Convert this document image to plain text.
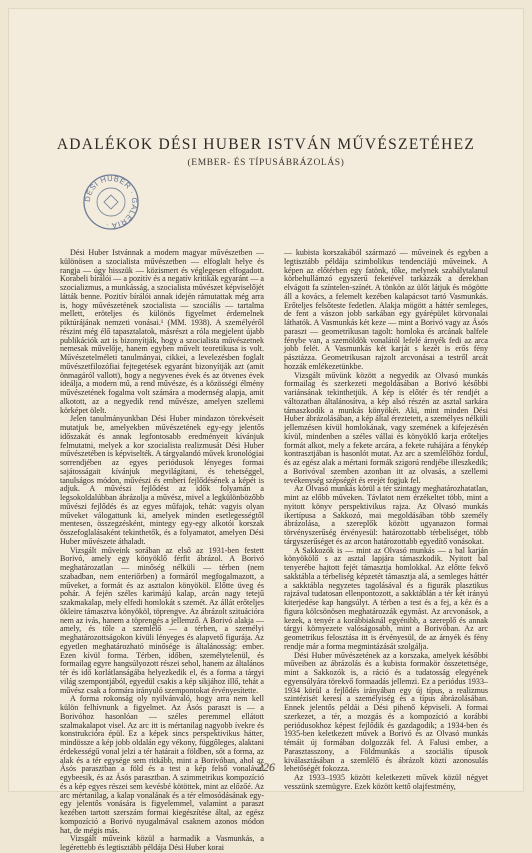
ADALÉKOK DÉSI HUBER ISTVÁN MŰVÉSZETÉHEZ
(EMBER- ÉS TÍPUSÁBRÁZOLÁS)
DÉSI HUBER · GALÉRIA ·

Dési Huber Istvánnak a modern magyar művészetben — különösen a szocialista művészetben — elfoglalt helye és rangja — úgy hisszük — közismert és véglegesen elfogadott. Korabeli bírálói — a pozitív és a negatív kritikák egyaránt — a szocializmus, a munkásság, a szocialista művészet képviselőjét látták benne. Pozitív bírálói annak idején rámutattak még arra is, hogy művészetének szocialista — szociális — tartalma mellett, eröteljes és különös figyelmet érdemelnek piktúrájának nemzeti vonásai.¹ (MM. 1938). A személyéről részint még élő tapasztalatok, másrészt a róla megjelent újabb publikációk azt is bizonyítják, hogy a szocialista művészetnek nemesak művelője, hanem egyben művelt teoretikusa is volt. Művészetelméleti tanulmányai, cikkei, a levelezésben foglalt művészetfilozófiai fejtegetések egyaránt bizonyítják azt (amit önmagáról vallott), hogy a negyvenes évek és az ötvenes évek ideálja, a modern mű, a rend művésze, és a közösségi élmény művészetének fogalma volt számára a modernség alapja, amit alkotott, az a negyedik rend művésze, amelyen szellemi körképet ölelt.

Jelen tanulmányunkban Dési Huber mindazon törekvéseit mutatjuk be, amelyekben művészetének egy-egy jelentős időszakát és annak legfontosabb eredményeit kívánjuk felmutatni, melyek a kor szocialista realizmusát Dési Huber művészetében is képviselték. A tárgyalandó művek kronológiai sorrendjében az egyes periódusok lényeges formai sajátosságait kívánjuk megvilágítani, és tehetséggel, tanulságos módon, művészi és emberi fejlődésének a képét is adjuk. A művészi fejlődést az idők folyamán a legsokoldalúbban ábrázolja a művész, mivel a legkülönbözőbb művészi fejlődés és az egyes műfajok, tehát: vagyis olyan műveket válogattunk ki, amelyek minden esetlegességtől mentesen, összegzésként, mintegy egy-egy alkotói korszak összefoglalásaként tekinthetők, és a folyamatot, amelyen Dési Huber művészete áthaladt.

Vizsgált műveink sorában az első az 1931-ben festett Borivó, amely egy könyöklő férfit ábrázol. A Borivó meghatározatlan — minőség nélküli — térben (nem szabadban, nem enteriőrben) a formáról megfogalmazott, a műveket, a formát és az asztalon könyököl. Előtte üveg és pohár. A fején széles karimájú kalap, arcán nagy tetejű szakmakalap, mely elfedi homlokát s szemét. Az állát erőteljes ökleire támasztva könyököl, töprengve. Az ábrázolt szituációra nem az ivás, hanem a töprengés a jellemző. A Borivó alakja — amely, és tőle a szemlélő — a térben, a személyi meghatározottságokon kívüli lényeges és alapvető figurája. Az egyetlen meghatározható minősége is általánosság: ember. Ezen kívül forma. Térben, időben, személytelenül, és formailag egyre hangsúlyozott részei sehol, hanem az általános tér és idő korlátlanságába helyezkedik el, és a forma a tárgyi világ szempontjából, egyedül csakis a kép síkjához illő, tehát a művész csak a formára irányuló szempontokat érvényesítette.

A forma rokonság oly nyilvánvaló, hogy arra nem kell külön felhívnunk a figyelmet. Az Ásós paraszt is — a Borivóhoz hasonlóan — széles peremmel ellátott szalmakalapot visel. Az arc itt is mértanilag nagyobb ívekre és konstrukcióra épül. Ez a képek sincs perspektivikus hátter, mindössze a kép jobb oldalán egy vékony, függőleges, alaktani érdekességű vonal jelzi a tér határait a földben, sőt a forma, az alak és a tér egysége sem ritkább, mint a Borivóban, ahol az Ásós parasztban a föld és a test a kép felső vonalával egybeesik, és az Ásós parasztban. A szimmetrikus kompozíció és a kép egyes részei sem kevésbé kötöttek, mint az előzőé. Az arc mértanilag, a kalap vonalának és a tér elmosódásának egy-egy jelentős vonására is figyelemmel, valamint a paraszt kezében tartott szerszám formai kiegészítése által, az egész kompozíció a Borivó nyugalmával csaknem azonos módon hat, de mégis más.

Vizsgált műveink közül a harmadik a Vasmunkás, a legérettebb és legtisztább példája Dési Huber korai

— kubista korszakából származó — műveinek és egyben a legtisztább példája szimbolikus tendenciájú műveinek. A képen az előtérben egy fatönk, tőke, melynek szabálytalanul körbehullámzó egyszerű feketével tarkázzák a derekban elvágott fa színtelen-színét. A tönkön az ülőt látjuk és mögötte áll a kovács, a felemelt kezében kalapácsot tartó Vasmunkás. Erőteljes felsőteste fedetlen. Alakja mögött a háttér semleges, de fent a vászon jobb sarkában egy gyárépület körvonalai láthatók. A Vasmunkás két keze — mint a Borivó vagy az Ásós paraszt — geometrikusan tagolt: homloka és arcának balfele fénybe van, a szemöldök vonalától lefelé árnyék fedi az arca jobb felét. A Vasmunkás két karját s kezét is erős fény pásztázza. Geometrikusan rajzolt arcvonásai a testről arcát hozzák emlékezetünkbe.

Vizsgált művünk között a negyedik az Olvasó munkás formailag és szerkezeti megoldásában a Borivó későbbi variánsának tekinthetjük. A kép is előtér és tér rendjét a változatban általánosítva, a kép alsó részén az asztal sarkára támaszkodik a munkás könyökét. Aki, mint minden Dési Huber ábrázolásában, a kép által éreztetett, a személyes nélküli jellemzésen kívül homlokának, vagy szemének a kifejezésén kívül, mindenben a széles vállai és könyöklő karja erőteljes formát alkot, mely a fekete arcára, a fekete ruhájára a fénykép kontrasztjában is hasonlót mutat. Az arc a szemlélőhöz fordul, és az egész alak a mértani formák szigorú rendjébe illeszkedik; a Borivóval szemben azonban itt az olvasás, a szellemi tevékenység szépségét és erejét fogjuk fel.

Az Olvasó munkás körül a tér szintagy meghatározhatatlan, mint az előbb műveken. Távlatot nem érzékeltet több, mint a nyitott könyv perspektivikus rajza. Az Olvasó munkás ikertípusa a Sakkozó, mai megoldásában több személy ábrázolása, a szereplők között ugyanazon formai törvényszerűség érvényesül: határozottabb térbeliséget, több tárgyszerűséget és az arcon határozottabb egyedítő vonásokat.

A Sakkozók is — mint az Olvasó munkás — a bal karján könyökölő s az asztal lapjára támaszkodik. Nyitott bal tenyerébe hajtott fejét támasztja homlokkal. Az előtte fekvő sakktábla a térbeliség képzetét támasztja alá, a semleges háttér a sakktábla negyzetes tagolásával és a figurák plasztikus rajzával tudatosan ellenpontozott, a sakktáblán a tér két irányú kiterjedése kap hangsúlyt. A térben a test és a fej, a kéz és a figura kölcsönösen meghatározzák egymást. Az arcvonások, a kezek, a tenyér a korábbiaknál egyénibb, a szereplő és annak tárgyi környezete valóságosabb, mint a Borivóban. Az arc geometrikus felosztása itt is érvényesül, de az árnyék és fény rendje már a forma megmintázását szolgálja.

Dési Huber művészetének az a korszaka, amelyek későbbi műveiben az ábrázolás és a kubista formakör összetettsége, mint a Sakkozók is, a ráció és a tudatosság elegyének egyensúlyára törekvő formaadás jellemzi. Ez a periódus 1933–1934 körül a fejlődés irányában egy új típus, a realizmus szintézisét keresi a személyiség és a típus ábrázolásában. Ennek jelentős példái a Dési pihenő képviseli. A formai szerkezet, a tér, a mozgás és a kompozíció a korábbi periódusokhoz képest fejlődik és gazdagodik; a 1934-ben és 1935-ben keletkezett művek a Borivó és az Olvasó munkás témáit új formában dolgozzák fel. A Falusi ember, a Parasztasszony, a Földmunkás a szociális típusok kiválasztásában a szemlélő és ábrázolt közti azonosulás lehetőségét fokozza.

Az 1933–1935 között keletkezett művek közül négyet vesszünk szemügyre. Ezek között kettő olajfestmény,

226
